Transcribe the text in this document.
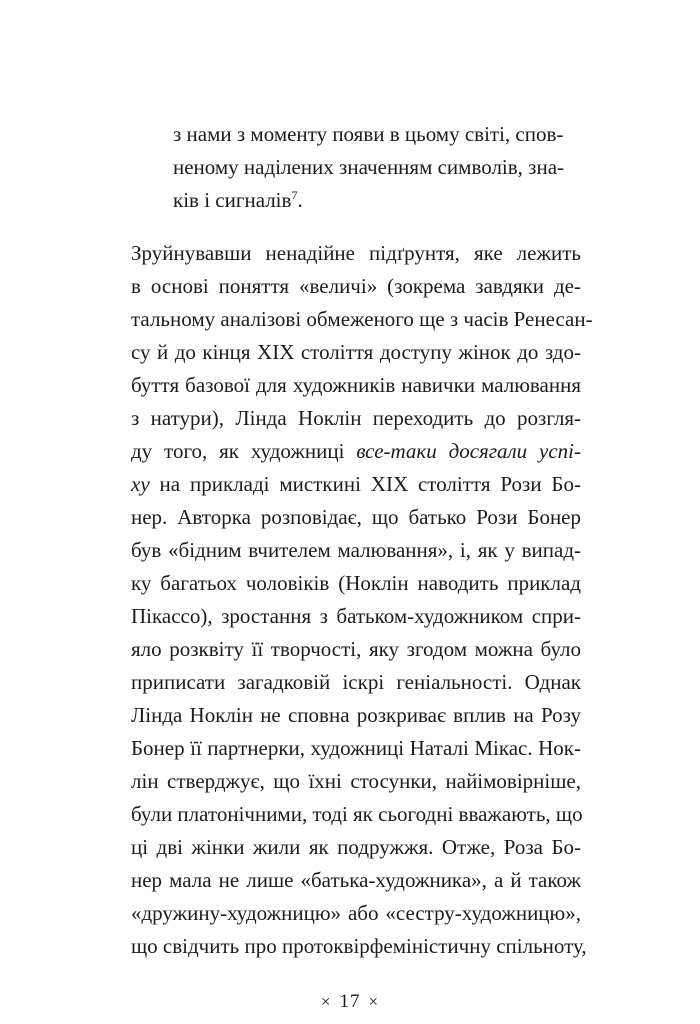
з нами з моменту появи в цьому світі, спов-

неному наділених значенням символів, зна-

ків і сигналів$^7$.

Зруйнувавши ненадійне підґрунтя, яке лежить

в основі поняття «величі» (зокрема завдяки де-

тальному аналізові обмеженого ще з часів Ренесан-

су й до кінця XIX століття доступу жінок до здо-

буття базової для художників навички малювання

з натури), Лінда Ноклін переходить до розгля-

ду того, як художниці все-таки досягали успі-

ху на прикладі мисткині XIX століття Рози Бо-

нер. Авторка розповідає, що батько Рози Бонер

був «бідним вчителем малювання», і, як у випад-

ку багатьох чоловіків (Ноклін наводить приклад

Пікассо), зростання з батьком-художником спри-

яло розквіту її творчості, яку згодом можна було

приписати загадковій іскрі геніальності. Однак

Лінда Ноклін не сповна розкриває вплив на Розу

Бонер її партнерки, художниці Наталі Мікас. Нок-

лін стверджує, що їхні стосунки, найімовірніше,

були платонічними, тоді як сьогодні вважають, що

ці дві жінки жили як подружжя. Отже, Роза Бо-

нер мала не лише «батька-художника», а й також

«дружину-художницю» або «сестру-художницю»,

що свідчить про протоквірфеміністичну спільноту,

× 17 ×
